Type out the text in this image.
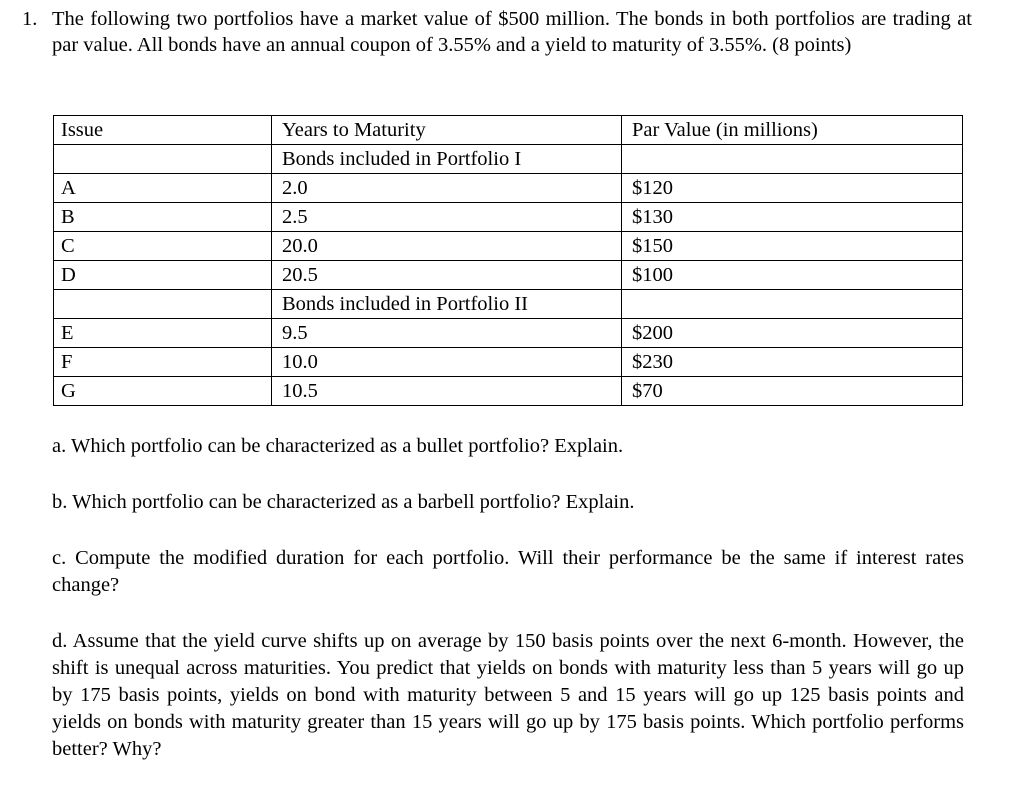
1. The following two portfolios have a market value of $500 million. The bonds in both portfolios are trading at par value. All bonds have an annual coupon of 3.55% and a yield to maturity of 3.55%. (8 points)
Issue	Years to Maturity	Par Value (in millions)
	Bonds included in Portfolio I	
A	2.0	$120
B	2.5	$130
C	20.0	$150
D	20.5	$100
	Bonds included in Portfolio II	
E	9.5	$200
F	10.0	$230
G	10.5	$70

a. Which portfolio can be characterized as a bullet portfolio? Explain.

b. Which portfolio can be characterized as a barbell portfolio? Explain.

c. Compute the modified duration for each portfolio. Will their performance be the same if interest rates change?

d. Assume that the yield curve shifts up on average by 150 basis points over the next 6-month. However, the shift is unequal across maturities. You predict that yields on bonds with maturity less than 5 years will go up by 175 basis points, yields on bond with maturity between 5 and 15 years will go up 125 basis points and yields on bonds with maturity greater than 15 years will go up by 175 basis points. Which portfolio performs better? Why?
